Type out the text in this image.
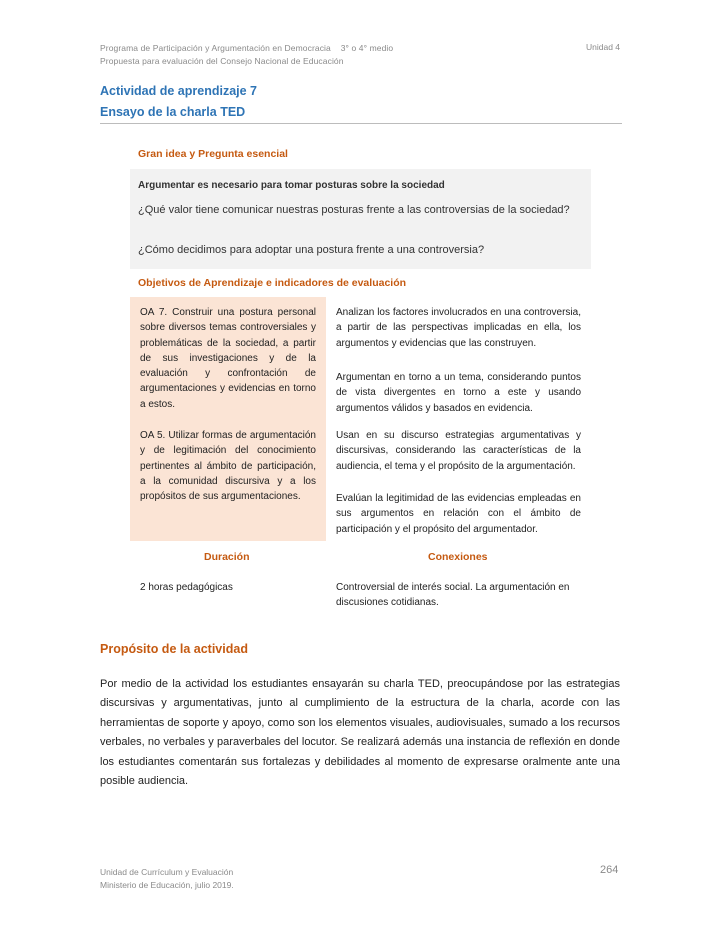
Programa de Participación y Argumentación en Democracia    3° o 4° medio
Propuesta para evaluación del Consejo Nacional de Educación
Unidad 4
Actividad de aprendizaje 7
Ensayo de la charla TED
Gran idea y Pregunta esencial
Argumentar es necesario para tomar posturas sobre la sociedad
¿Qué valor tiene comunicar nuestras posturas frente a las controversias de la sociedad?
¿Cómo decidimos para adoptar una postura frente a una controversia?
Objetivos de Aprendizaje e indicadores de evaluación
OA 7. Construir una postura personal sobre diversos temas controversiales y problemáticas de la sociedad, a partir de sus investigaciones y de la evaluación y confrontación de argumentaciones y evidencias en torno a estos.
OA 5. Utilizar formas de argumentación y de legitimación del conocimiento pertinentes al ámbito de participación, a la comunidad discursiva y a los propósitos de sus argumentaciones.
Analizan los factores involucrados en una controversia, a partir de las perspectivas implicadas en ella, los argumentos y evidencias que las construyen.
Argumentan en torno a un tema, considerando puntos de vista divergentes en torno a este y usando argumentos válidos y basados en evidencia.
Usan en su discurso estrategias argumentativas y discursivas, considerando las características de la audiencia, el tema y el propósito de la argumentación.
Evalúan la legitimidad de las evidencias empleadas en sus argumentos en relación con el ámbito de participación y el propósito del argumentador.
Duración	Conexiones
2 horas pedagógicas	Controversial de interés social. La argumentación en discusiones cotidianas.
Propósito de la actividad
Por medio de la actividad los estudiantes ensayarán su charla TED, preocupándose por las estrategias discursivas y argumentativas, junto al cumplimiento de la estructura de la charla, acorde con las herramientas de soporte y apoyo, como son los elementos visuales, audiovisuales, sumado a los recursos verbales, no verbales y paraverbales del locutor. Se realizará además una instancia de reflexión en donde los estudiantes comentarán sus fortalezas y debilidades al momento de expresarse oralmente ante una posible audiencia.
Unidad de Currículum y Evaluación
Ministerio de Educación, julio 2019.
264
